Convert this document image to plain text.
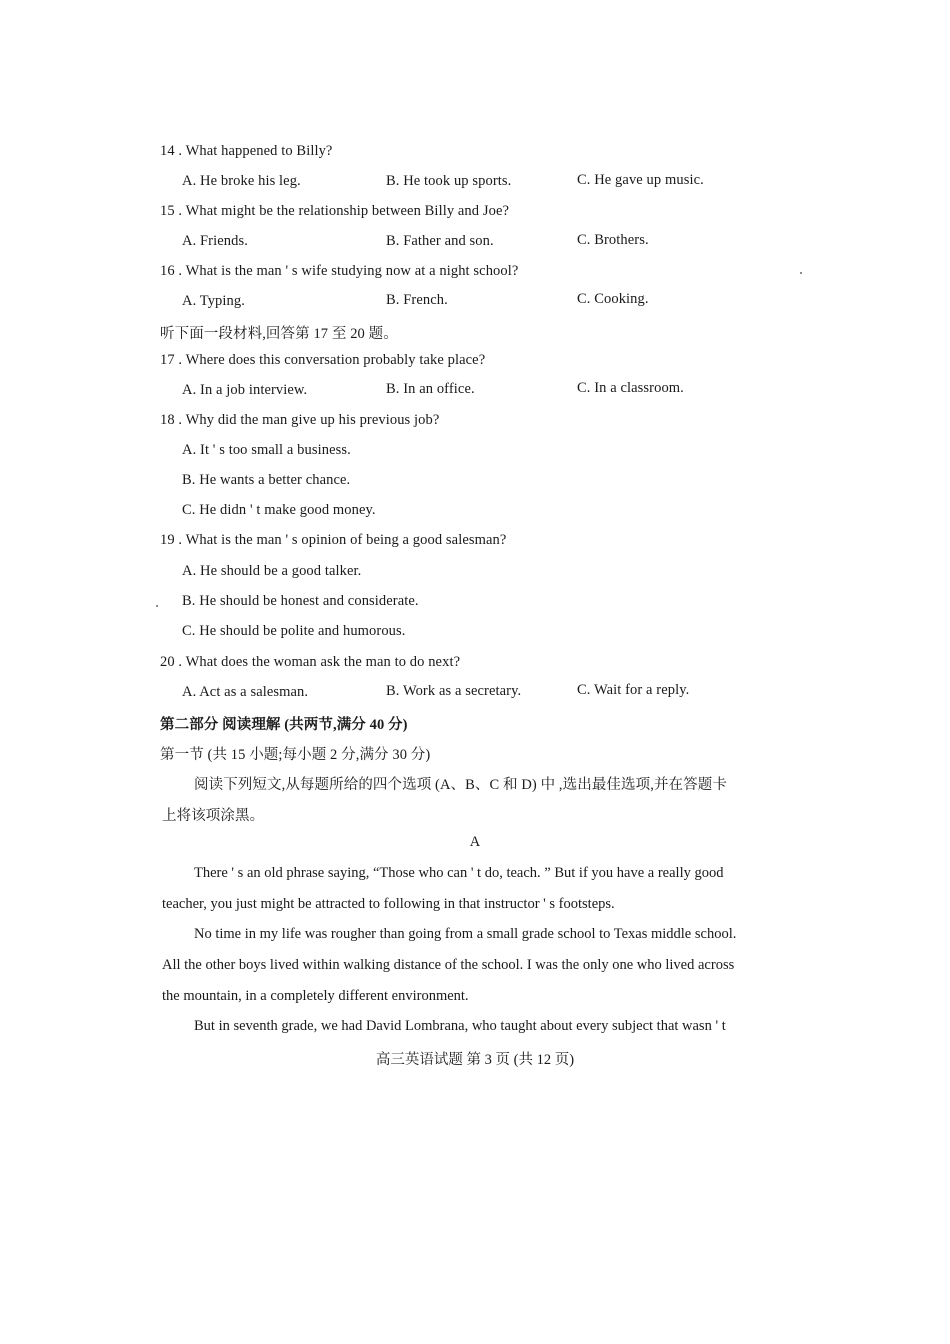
14 . What happened to Billy?
A. He broke his leg.	B. He took up sports.	C. He gave up music.
15 . What might be the relationship between Billy and Joe?
A. Friends.	B. Father and son.	C. Brothers.
16 . What is the man ' s wife studying now at a night school?
A. Typing.	B. French.	C. Cooking.
听下面一段材料,回答第 17 至 20 题。
17 . Where does this conversation probably take place?
A. In a job interview.	B. In an office.	C. In a classroom.
18 . Why did the man give up his previous job?
A. It ' s too small a business.
B. He wants a better chance.
C. He didn ' t make good money.
19 . What is the man ' s opinion of being a good salesman?
A. He should be a good talker.
B. He should be honest and considerate.
C. He should be polite and humorous.
20 . What does the woman ask the man to do next?
A. Act as a salesman.	B. Work as a secretary.	C. Wait for a reply.
第二部分 阅读理解 (共两节,满分 40 分)
第一节 (共 15 小题;每小题 2 分,满分 30 分)
阅读下列短文,从每题所给的四个选项 (A、B、C 和 D) 中 ,选出最佳选项,并在答题卡
上将该项涂黑。
A
There ' s an old phrase saying, “Those who can ' t do, teach. ” But if you have a really good
teacher, you just might be attracted to following in that instructor ' s footsteps.
No time in my life was rougher than going from a small grade school to Texas middle school.
All the other boys lived within walking distance of the school. I was the only one who lived across
the mountain, in a completely different environment.
But in seventh grade, we had David Lombrana, who taught about every subject that wasn ' t
高三英语试题 第 3 页 (共 12 页)
